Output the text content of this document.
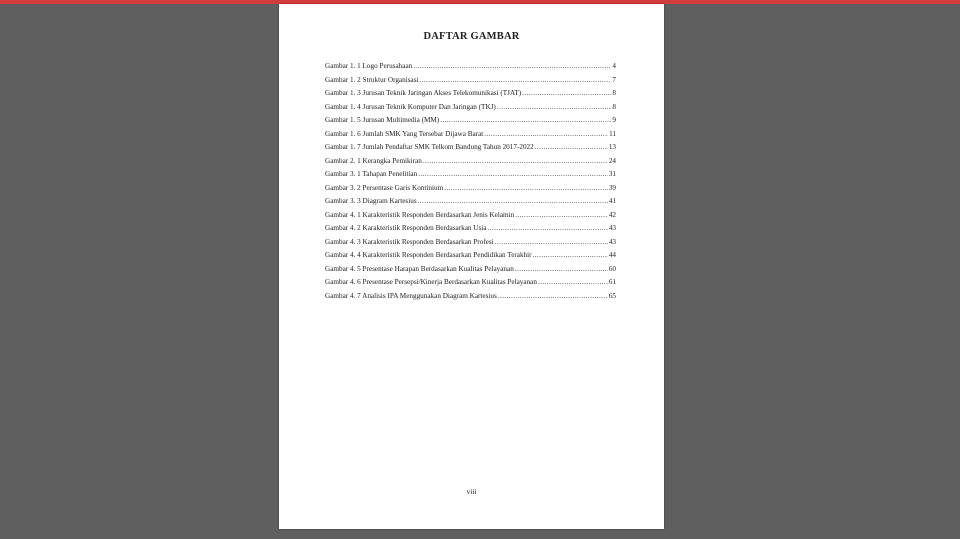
DAFTAR GAMBAR
Gambar 1. 1 Logo Perusahaan .....	4
Gambar 1. 2 Struktur Organisasi .....	7
Gambar 1. 3 Jurusan Teknik Jaringan Akses Telekomunikasi (TJAT) .....	8
Gambar 1. 4 Jurusan Teknik Komputer Dan Jaringan (TKJ) .....	8
Gambar 1. 5 Jurusan Multimedia (MM) .....	9
Gambar 1. 6 Jumlah SMK Yang Tersebar Dijawa Barat .....	11
Gambar 1. 7 Jumlah Pendaftar SMK Telkom Bandung Tahun 2017-2022 .....	13
Gambar 2. 1 Kerangka Pemikiran .....	24
Gambar 3. 1 Tahapan Penelitian .....	31
Gambar 3. 2 Persentase Garis Kontinium .....	39
Gambar 3. 3 Diagram Kartesius .....	41
Gambar 4. 1 Karakteristik Responden Berdasarkan Jenis Kelamin .....	42
Gambar 4. 2 Karakteristik Responden Berdasarkan Usia .....	43
Gambar 4. 3 Karakteristik Responden Berdasarkan Profesi .....	43
Gambar 4. 4 Karakteristik Responden Berdasarkan Pendidikan Terakhir .....	44
Gambar 4. 5 Presentase Harapan Berdasarkan Kualitas Pelayanan .....	60
Gambar 4. 6 Presentase Persepsi/Kinerja Berdasarkan Kualitas Pelayanan .....	61
Gambar 4. 7 Analisis IPA Menggunakan Diagram Kartesius .....	65
viii
